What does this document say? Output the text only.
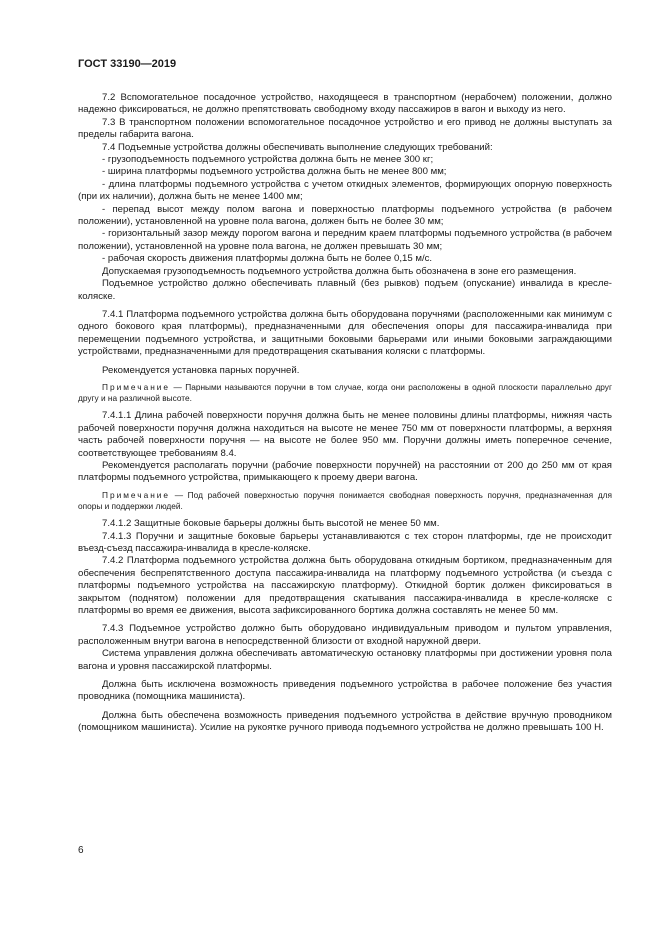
ГОСТ 33190—2019

7.2 Вспомогательное посадочное устройство, находящееся в транспортном (нерабочем) положении, должно надежно фиксироваться, не должно препятствовать свободному входу пассажиров в вагон и выходу из него.

7.3 В транспортном положении вспомогательное посадочное устройство и его привод не должны выступать за пределы габарита вагона.

7.4 Подъемные устройства должны обеспечивать выполнение следующих требований:

- грузоподъемность подъемного устройства должна быть не менее 300 кг;

- ширина платформы подъемного устройства должна быть не менее 800 мм;

- длина платформы подъемного устройства с учетом откидных элементов, формирующих опорную поверхность (при их наличии), должна быть не менее 1400 мм;

- перепад высот между полом вагона и поверхностью платформы подъемного устройства (в рабочем положении), установленной на уровне пола вагона, должен быть не более 30 мм;

- горизонтальный зазор между порогом вагона и передним краем платформы подъемного устройства (в рабочем положении), установленной на уровне пола вагона, не должен превышать 30 мм;

- рабочая скорость движения платформы должна быть не более 0,15 м/с.

Допускаемая грузоподъемность подъемного устройства должна быть обозначена в зоне его размещения.

Подъемное устройство должно обеспечивать плавный (без рывков) подъем (опускание) инвалида в кресле-коляске.

7.4.1 Платформа подъемного устройства должна быть оборудована поручнями (расположенными как минимум с одного бокового края платформы), предназначенными для обеспечения опоры для пассажира-инвалида при перемещении подъемного устройства, и защитными боковыми барьерами или иными боковыми заграждающими устройствами, предназначенными для предотвращения скатывания коляски с платформы.

Рекомендуется установка парных поручней.

Примечание — Парными называются поручни в том случае, когда они расположены в одной плоскости параллельно друг другу и на различной высоте.

7.4.1.1 Длина рабочей поверхности поручня должна быть не менее половины длины платформы, нижняя часть рабочей поверхности поручня должна находиться на высоте не менее 750 мм от поверхности платформы, а верхняя часть рабочей поверхности поручня — на высоте не более 950 мм. Поручни должны иметь поперечное сечение, соответствующее требованиям 8.4.

Рекомендуется располагать поручни (рабочие поверхности поручней) на расстоянии от 200 до 250 мм от края платформы подъемного устройства, примыкающего к проему двери вагона.

Примечание — Под рабочей поверхностью поручня понимается свободная поверхность поручня, предназначенная для опоры и поддержки людей.

7.4.1.2 Защитные боковые барьеры должны быть высотой не менее 50 мм.

7.4.1.3 Поручни и защитные боковые барьеры устанавливаются с тех сторон платформы, где не происходит въезд-съезд пассажира-инвалида в кресле-коляске.

7.4.2 Платформа подъемного устройства должна быть оборудована откидным бортиком, предназначенным для обеспечения беспрепятственного доступа пассажира-инвалида на платформу подъемного устройства (и съезда с платформы подъемного устройства на пассажирскую платформу). Откидной бортик должен фиксироваться в закрытом (поднятом) положении для предотвращения скатывания пассажира-инвалида в кресле-коляске с платформы во время ее движения, высота зафиксированного бортика должна составлять не менее 50 мм.

7.4.3 Подъемное устройство должно быть оборудовано индивидуальным приводом и пультом управления, расположенным внутри вагона в непосредственной близости от входной наружной двери.

Система управления должна обеспечивать автоматическую остановку платформы при достижении уровня пола вагона и уровня пассажирской платформы.

Должна быть исключена возможность приведения подъемного устройства в рабочее положение без участия проводника (помощника машиниста).

Должна быть обеспечена возможность приведения подъемного устройства в действие вручную проводником (помощником машиниста). Усилие на рукоятке ручного привода подъемного устройства не должно превышать 100 Н.

6
